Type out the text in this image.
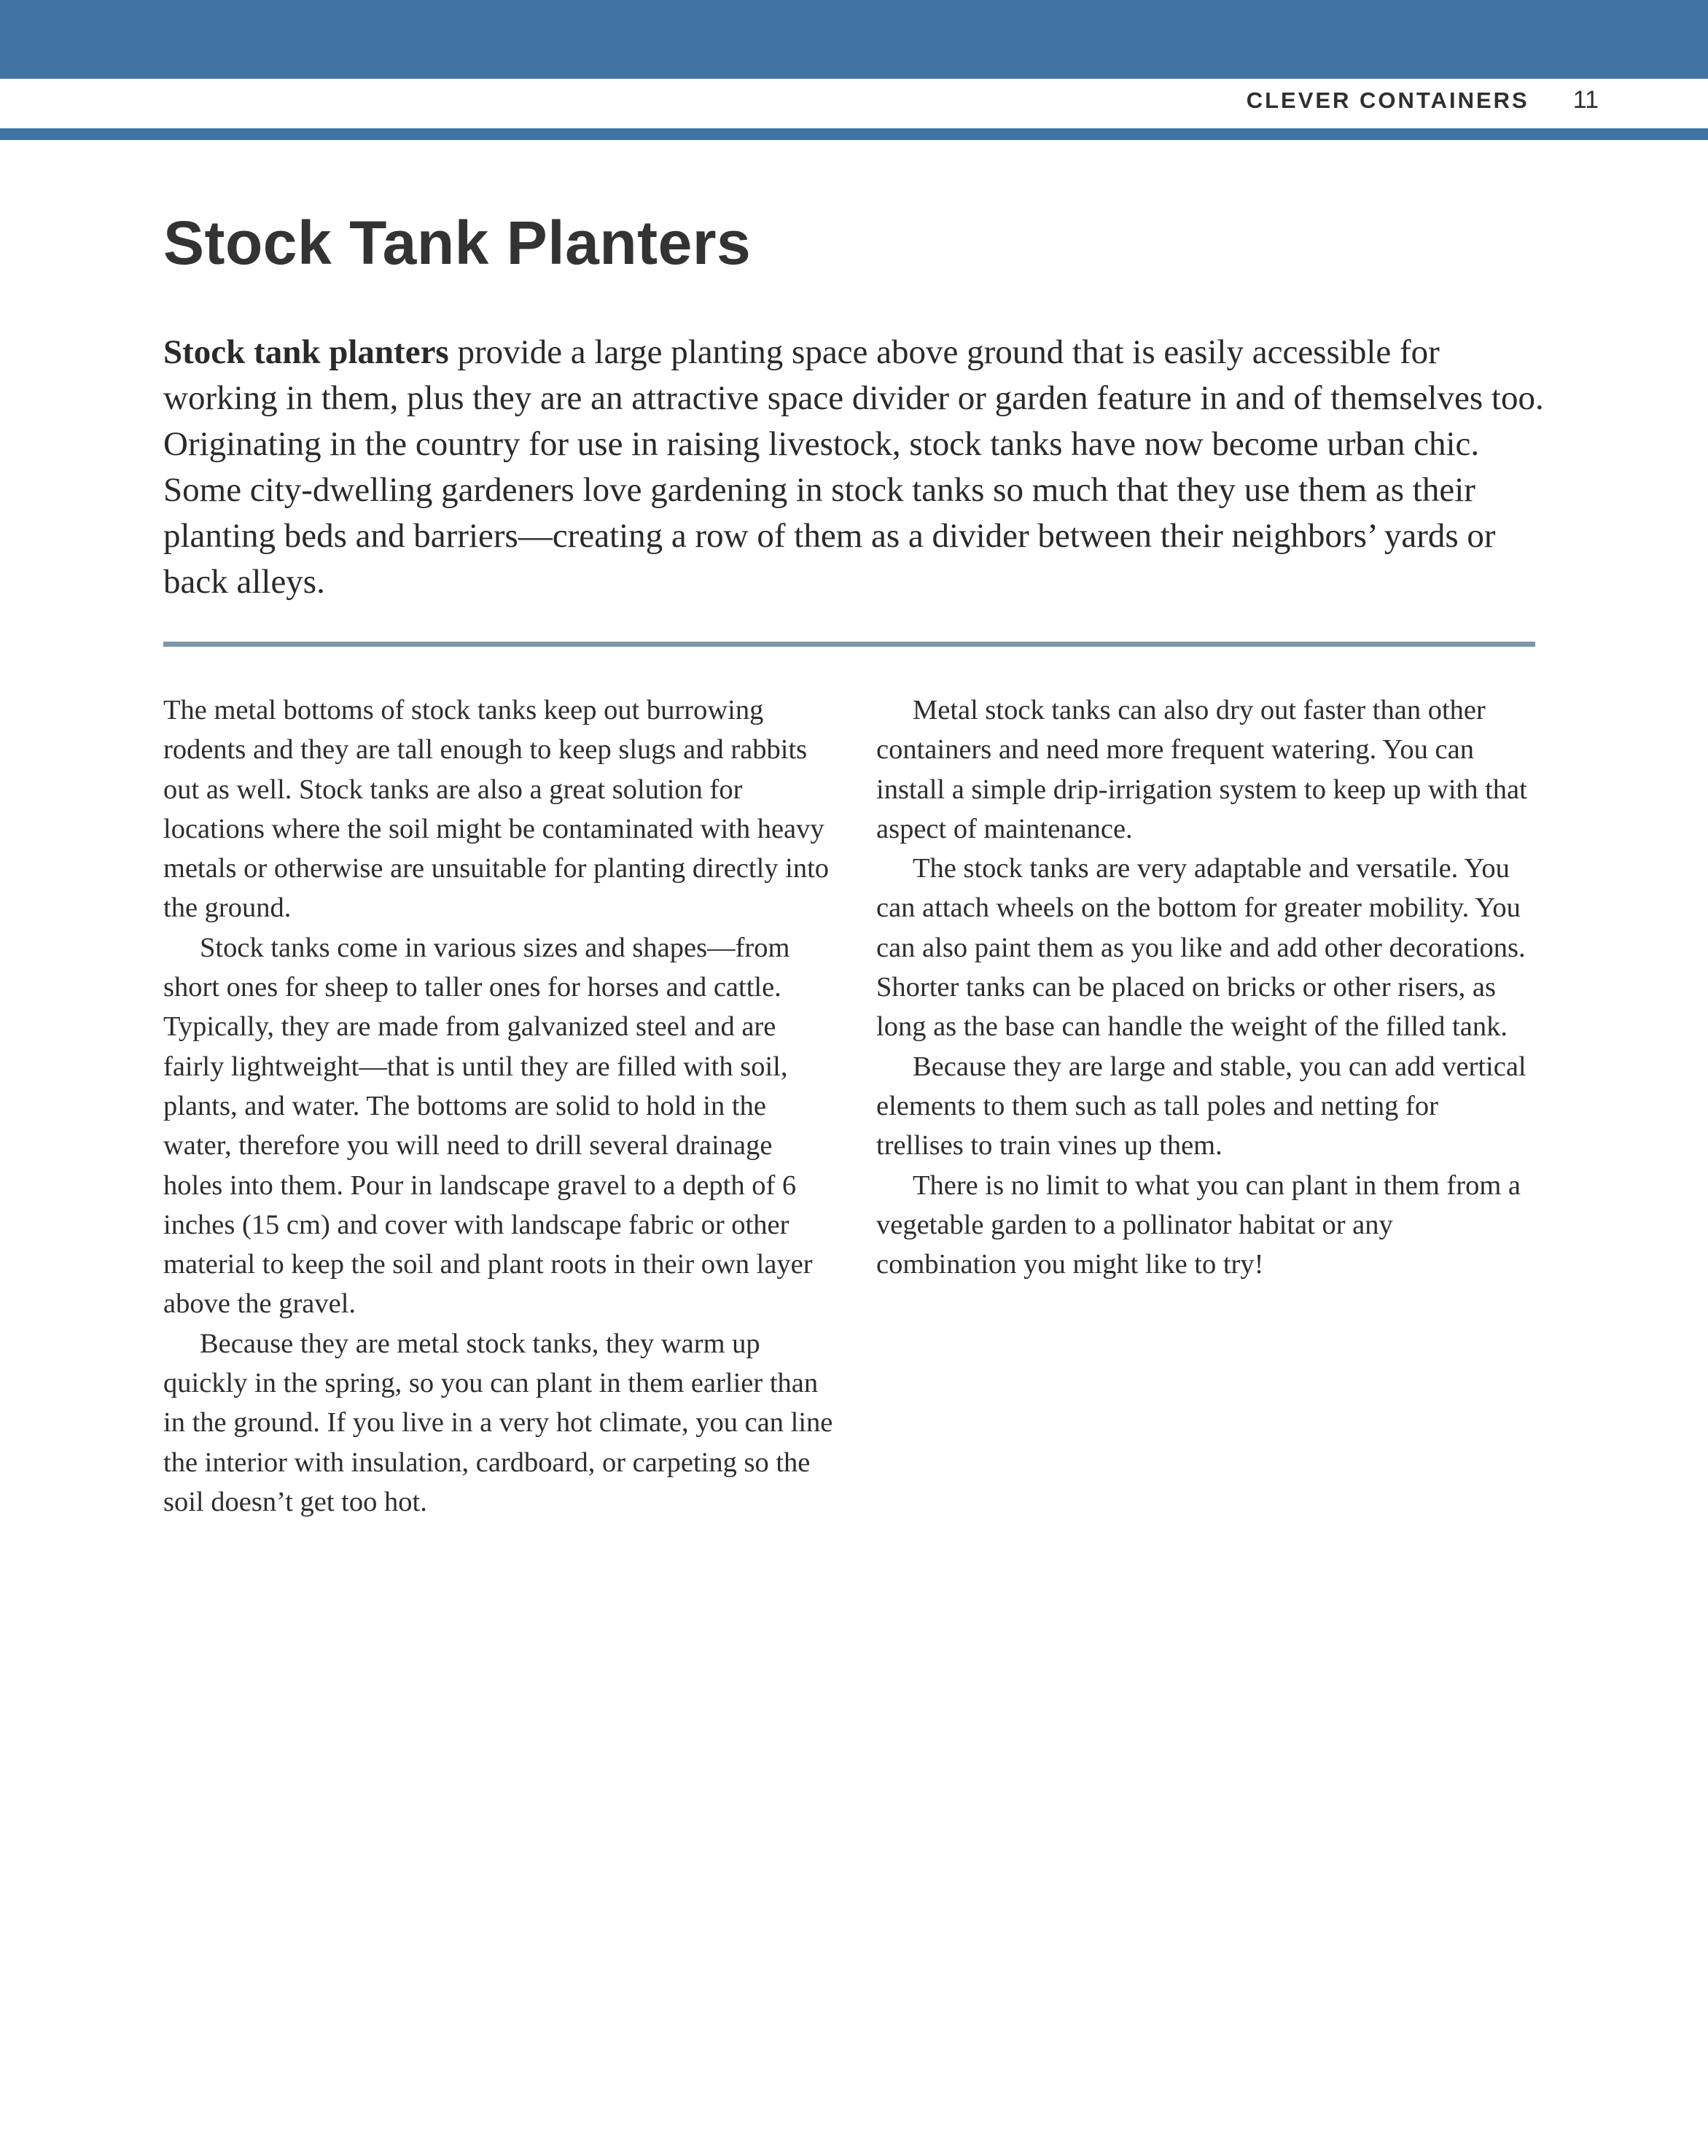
CLEVER CONTAINERS 11
Stock Tank Planters

Stock tank planters provide a large planting space above ground that is easily accessible for working in them, plus they are an attractive space divider or garden feature in and of themselves too. Originating in the country for use in raising livestock, stock tanks have now become urban chic. Some city-dwelling gardeners love gardening in stock tanks so much that they use them as their planting beds and barriers—creating a row of them as a divider between their neighbors’ yards or back alleys.

The metal bottoms of stock tanks keep out burrowing rodents and they are tall enough to keep slugs and rabbits out as well. Stock tanks are also a great solution for locations where the soil might be contaminated with heavy metals or otherwise are unsuitable for planting directly into the ground.

Stock tanks come in various sizes and shapes—from short ones for sheep to taller ones for horses and cattle. Typically, they are made from galvanized steel and are fairly lightweight—that is until they are filled with soil, plants, and water. The bottoms are solid to hold in the water, therefore you will need to drill several drainage holes into them. Pour in landscape gravel to a depth of 6 inches (15 cm) and cover with landscape fabric or other material to keep the soil and plant roots in their own layer above the gravel.

Because they are metal stock tanks, they warm up quickly in the spring, so you can plant in them earlier than in the ground. If you live in a very hot climate, you can line the interior with insulation, cardboard, or carpeting so the soil doesn’t get too hot.

Metal stock tanks can also dry out faster than other containers and need more frequent watering. You can install a simple drip-irrigation system to keep up with that aspect of maintenance.

The stock tanks are very adaptable and versatile. You can attach wheels on the bottom for greater mobility. You can also paint them as you like and add other decorations. Shorter tanks can be placed on bricks or other risers, as long as the base can handle the weight of the filled tank.

Because they are large and stable, you can add vertical elements to them such as tall poles and netting for trellises to train vines up them.

There is no limit to what you can plant in them from a vegetable garden to a pollinator habitat or any combination you might like to try!
